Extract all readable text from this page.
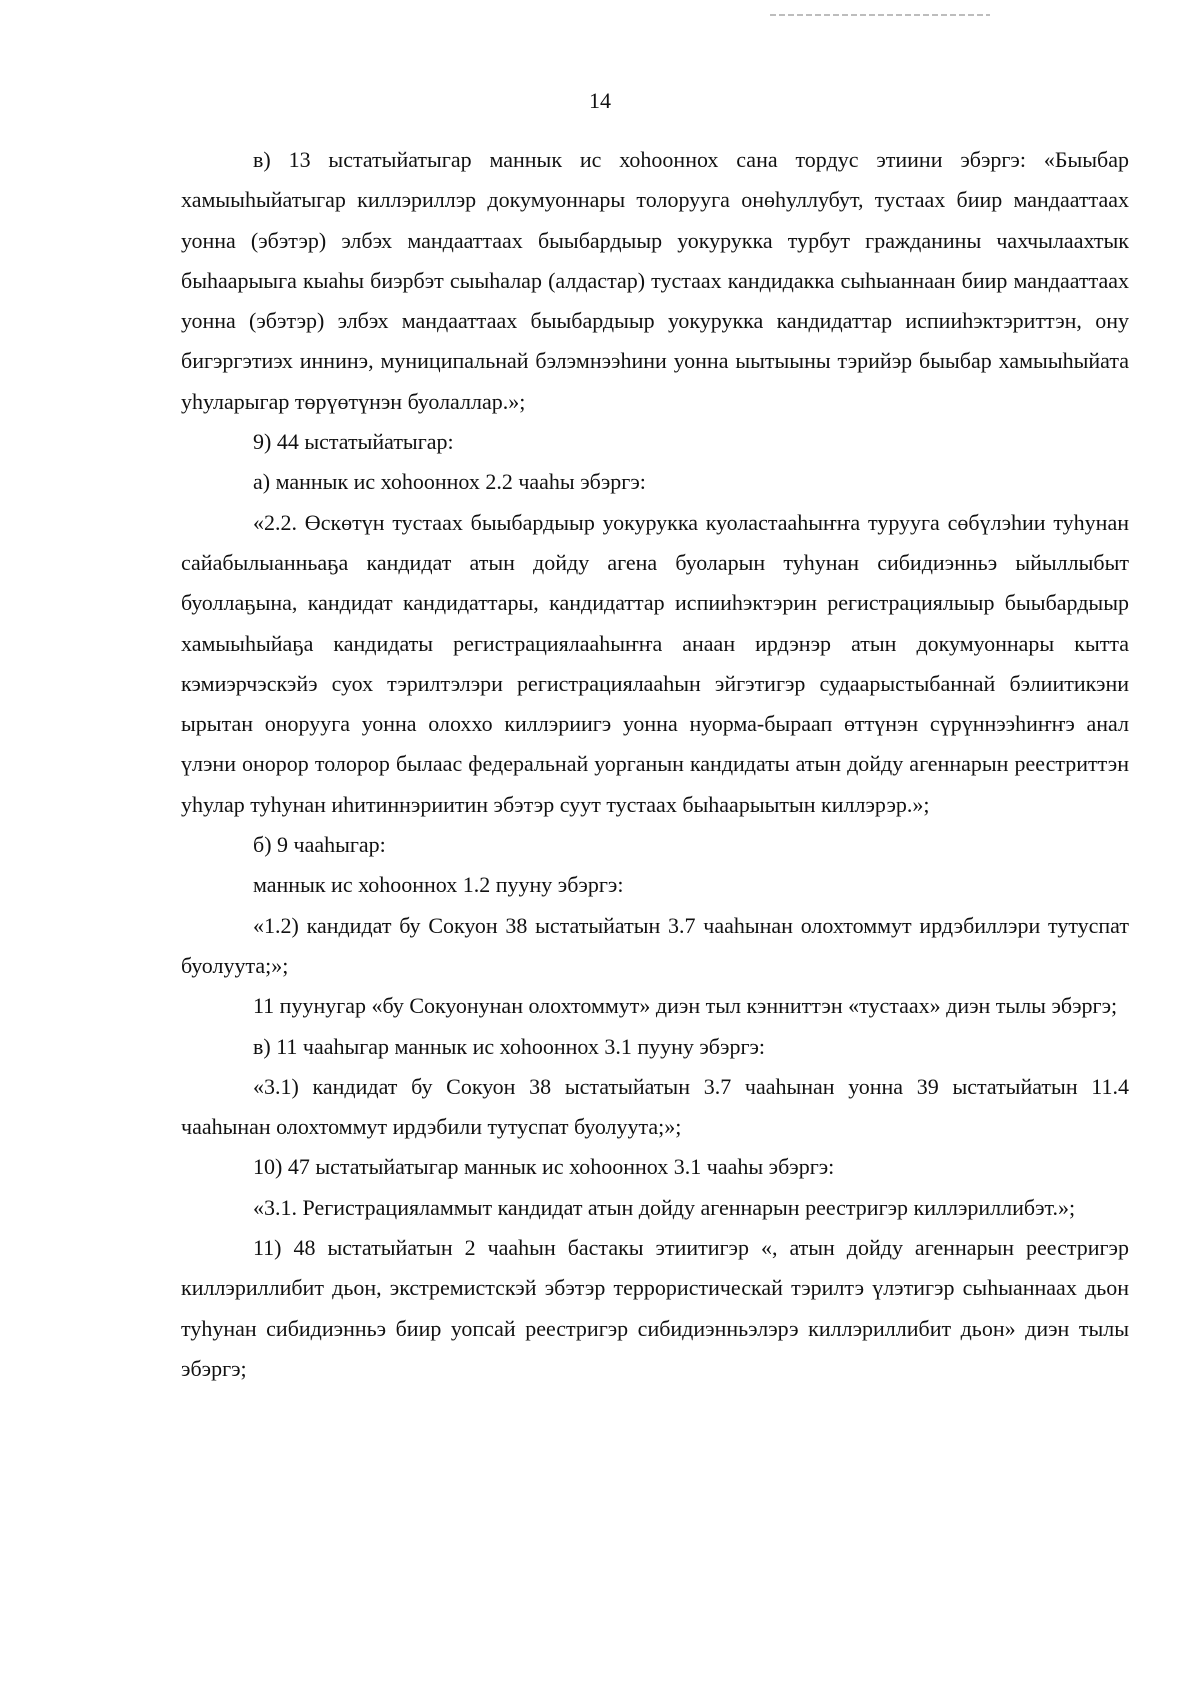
14

в) 13 ыстатыйатыгар маннык ис хоһооннох сана тордус этиини эбэргэ: «Быыбар хамыыһыйатыгар киллэриллэр докумуоннары толорууга онөһуллубут, тустаах биир мандааттаах уонна (эбэтэр) элбэх мандааттаах быыбардыыр уокурукка турбут гражданины чахчылаахтык быһаарыыга кыаһы биэрбэт сыыһалар (алдастар) тустаах кандидакка сыһыаннаан биир мандааттаах уонна (эбэтэр) элбэх мандааттаах быыбардыыр уокурукка кандидаттар испииһэктэриттэн, ону бигэргэтиэх иннинэ, муниципальнай бэлэмнээһини уонна ыытыыны тэрийэр быыбар хамыыһыйата уһуларыгар төрүөтүнэн буолаллар.»;

9) 44 ыстатыйатыгар:

а) маннык ис хоһооннох 2.2 чааһы эбэргэ:

«2.2. Өскөтүн тустаах быыбардыыр уокурукка куоластааһыҥҥа турууга сөбүлэһии туһунан сайабылыанньаҕа кандидат атын дойду агена буоларын туһунан сибидиэнньэ ыйыллыбыт буоллаҕына, кандидат кандидаттары, кандидаттар испииһэктэрин регистрациялыыр быыбардыыр хамыыһыйаҕа кандидаты регистрациялааһыҥҥа анаан ирдэнэр атын докумуоннары кытта кэмиэрчэскэйэ суох тэрилтэлэри регистрациялааһын эйгэтигэр судаарыстыбаннай бэлиитикэни ырытан онорууга уонна олоххо киллэриигэ уонна нуорма-быраап өттүнэн сүрүннээһиҥҥэ анал үлэни онорор толорор былаас федеральнай уорганын кандидаты атын дойду агеннарын реестриттэн уһулар туһунан иһитиннэриитин эбэтэр суут тустаах быһаарыытын киллэрэр.»;

б) 9 чааһыгар:

маннык ис хоһооннох 1.2 пууну эбэргэ:

«1.2) кандидат бу Сокуон 38 ыстатыйатын 3.7 чааһынан олохтоммут ирдэбиллэри тутуспат буолуута;»;

11 пуунугар «бу Сокуонунан олохтоммут» диэн тыл кэнниттэн «тустаах» диэн тылы эбэргэ;

в) 11 чааһыгар маннык ис хоһооннох 3.1 пууну эбэргэ:

«3.1) кандидат бу Сокуон 38 ыстатыйатын 3.7 чааһынан уонна 39 ыстатыйатын 11.4 чааһынан олохтоммут ирдэбили тутуспат буолуута;»;

10) 47 ыстатыйатыгар маннык ис хоһооннох 3.1 чааһы эбэргэ:

«3.1. Регистрацияламмыт кандидат атын дойду агеннарын реестригэр киллэриллибэт.»;

11) 48 ыстатыйатын 2 чааһын бастакы этиитигэр «, атын дойду агеннарын реестригэр киллэриллибит дьон, экстремистскэй эбэтэр террористическай тэрилтэ үлэтигэр сыһыаннаах дьон туһунан сибидиэнньэ биир уопсай реестригэр сибидиэнньэлэрэ киллэриллибит дьон» диэн тылы эбэргэ;
